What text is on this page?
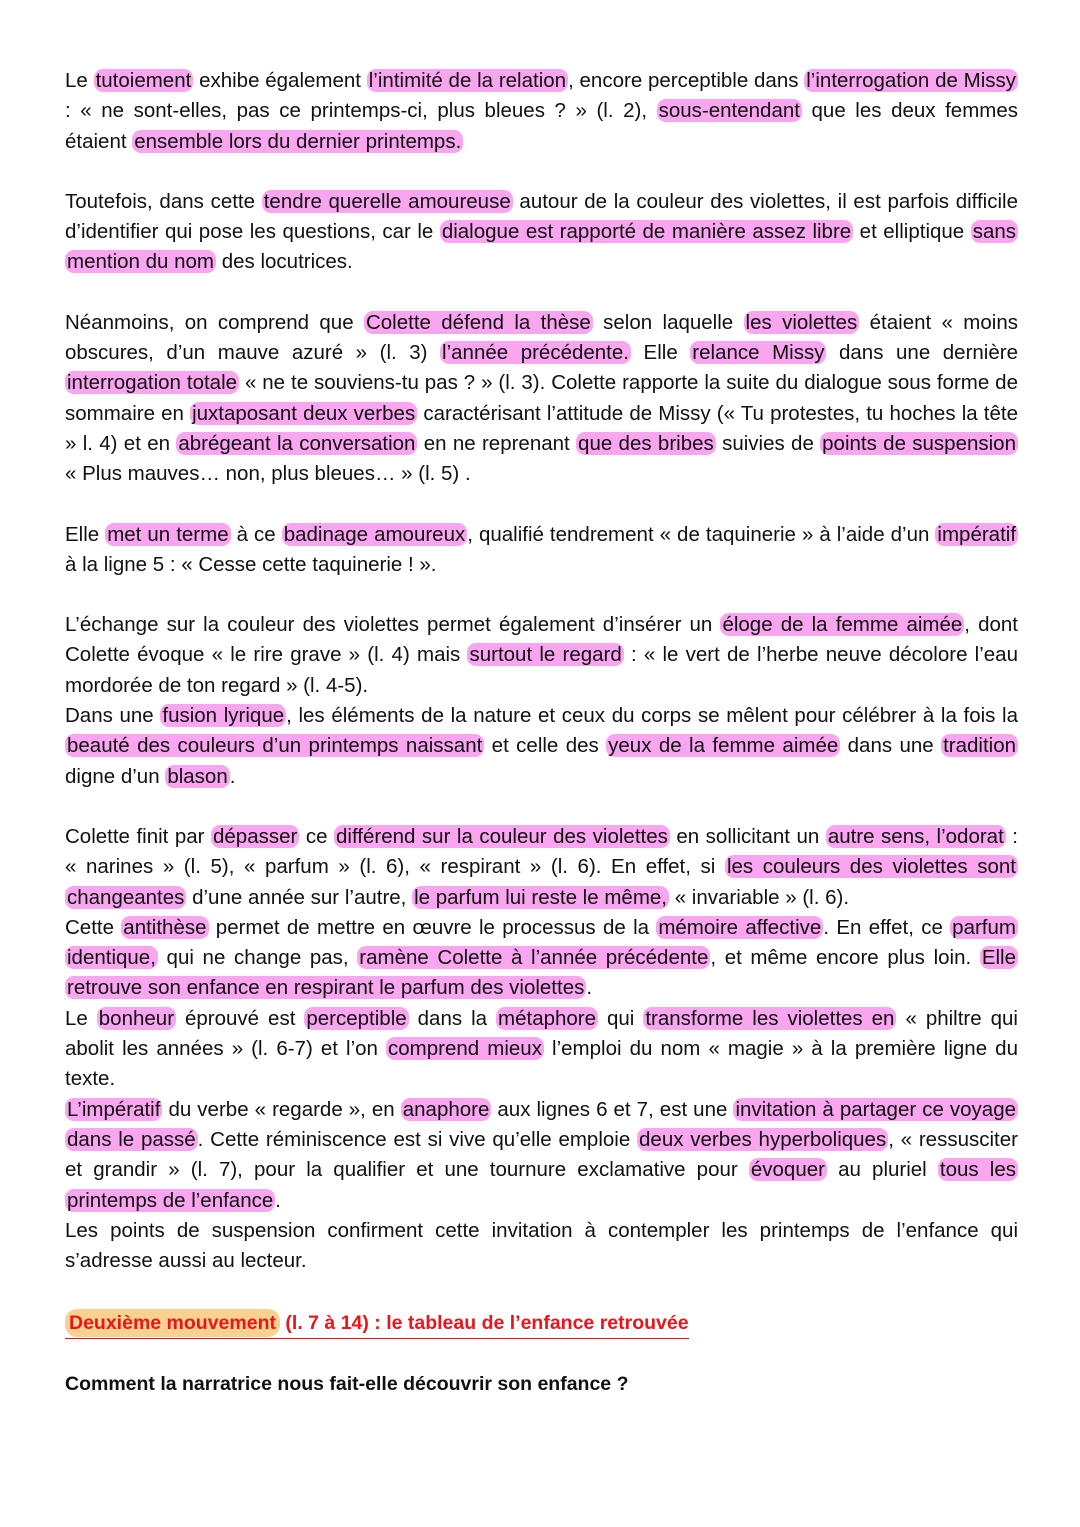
Le tutoiement exhibe également l’intimité de la relation, encore perceptible dans l’interrogation de Missy : « ne sont-elles, pas ce printemps-ci, plus bleues ? » (l. 2), sous-entendant que les deux femmes étaient ensemble lors du dernier printemps.

Toutefois, dans cette tendre querelle amoureuse autour de la couleur des violettes, il est parfois difficile d’identifier qui pose les questions, car le dialogue est rapporté de manière assez libre et elliptique sans mention du nom des locutrices.

Néanmoins, on comprend que Colette défend la thèse selon laquelle les violettes étaient « moins obscures, d’un mauve azuré » (l. 3) l’année précédente. Elle relance Missy dans une dernière interrogation totale « ne te souviens-tu pas ? » (l. 3). Colette rapporte la suite du dialogue sous forme de sommaire en juxtaposant deux verbes caractérisant l’attitude de Missy (« Tu protestes, tu hoches la tête » l. 4) et en abrégeant la conversation en ne reprenant que des bribes suivies de points de suspension « Plus mauves… non, plus bleues… » (l. 5) .

Elle met un terme à ce badinage amoureux, qualifié tendrement « de taquinerie » à l’aide d’un impératif à la ligne 5 : « Cesse cette taquinerie ! ».

L’échange sur la couleur des violettes permet également d’insérer un éloge de la femme aimée, dont Colette évoque « le rire grave » (l. 4) mais surtout le regard : « le vert de l’herbe neuve décolore l’eau mordorée de ton regard » (l. 4-5).

Dans une fusion lyrique, les éléments de la nature et ceux du corps se mêlent pour célébrer à la fois la beauté des couleurs d’un printemps naissant et celle des yeux de la femme aimée dans une tradition digne d’un blason.

Colette finit par dépasser ce différend sur la couleur des violettes en sollicitant un autre sens, l’odorat : « narines » (l. 5), « parfum » (l. 6), « respirant » (l. 6). En effet, si les couleurs des violettes sont changeantes d’une année sur l’autre, le parfum lui reste le même, « invariable » (l. 6).

Cette antithèse permet de mettre en œuvre le processus de la mémoire affective. En effet, ce parfum identique, qui ne change pas, ramène Colette à l’année précédente, et même encore plus loin. Elle retrouve son enfance en respirant le parfum des violettes.

Le bonheur éprouvé est perceptible dans la métaphore qui transforme les violettes en « philtre qui abolit les années » (l. 6-7) et l’on comprend mieux l’emploi du nom « magie » à la première ligne du texte.

L’impératif du verbe « regarde », en anaphore aux lignes 6 et 7, est une invitation à partager ce voyage dans le passé. Cette réminiscence est si vive qu’elle emploie deux verbes hyperboliques, « ressusciter et grandir » (l. 7), pour la qualifier et une tournure exclamative pour évoquer au pluriel tous les printemps de l’enfance.

Les points de suspension confirment cette invitation à contempler les printemps de l’enfance qui s’adresse aussi au lecteur.

Deuxième mouvement (l. 7 à 14) : le tableau de l’enfance retrouvée
Comment la narratrice nous fait-elle découvrir son enfance ?
